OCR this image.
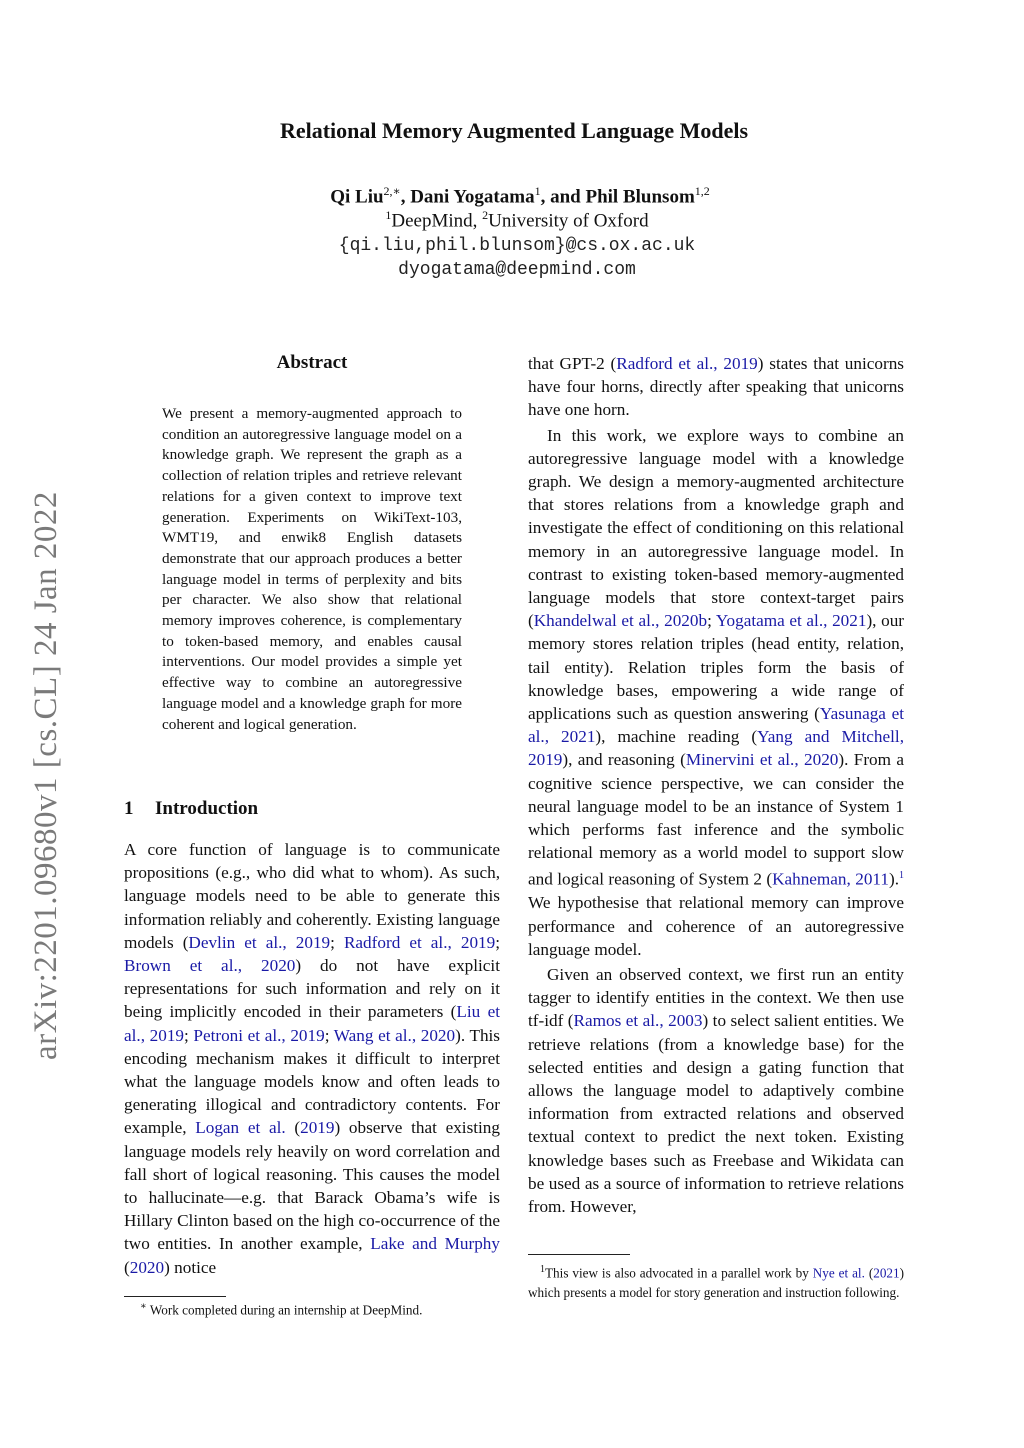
arXiv:2201.09680v1 [cs.CL] 24 Jan 2022
Relational Memory Augmented Language Models
Qi Liu$^{2,∗}$, Dani Yogatama$^1$, and Phil Blunsom$^{1,2}$
$^1$DeepMind, $^2$University of Oxford
{qi.liu,phil.blunsom}@cs.ox.ac.uk
dyogatama@deepmind.com
Abstract
We present a memory-augmented approach to condition an autoregressive language model on a knowledge graph. We represent the graph as a collection of relation triples and retrieve relevant relations for a given context to improve text generation. Experiments on WikiText-103, WMT19, and enwik8 English datasets demonstrate that our approach produces a better language model in terms of perplexity and bits per character. We also show that relational memory improves coherence, is complementary to token-based memory, and enables causal interventions. Our model provides a simple yet effective way to combine an autoregressive language model and a knowledge graph for more coherent and logical generation.
1 Introduction
A core function of language is to communicate propositions (e.g., who did what to whom). As such, language models need to be able to generate this information reliably and coherently. Existing language models (Devlin et al., 2019; Radford et al., 2019; Brown et al., 2020) do not have explicit representations for such information and rely on it being implicitly encoded in their parameters (Liu et al., 2019; Petroni et al., 2019; Wang et al., 2020). This encoding mechanism makes it difficult to interpret what the language models know and often leads to generating illogical and contradictory contents. For example, Logan et al. (2019) observe that existing language models rely heavily on word correlation and fall short of logical reasoning. This causes the model to hallucinate—e.g. that Barack Obama’s wife is Hillary Clinton based on the high co-occurrence of the two entities. In another example, Lake and Murphy (2020) notice

that GPT-2 (Radford et al., 2019) states that unicorns have four horns, directly after speaking that unicorns have one horn.

In this work, we explore ways to combine an autoregressive language model with a knowledge graph. We design a memory-augmented architecture that stores relations from a knowledge graph and investigate the effect of conditioning on this relational memory in an autoregressive language model. In contrast to existing token-based memory-augmented language models that store context-target pairs (Khandelwal et al., 2020b; Yogatama et al., 2021), our memory stores relation triples (head entity, relation, tail entity). Relation triples form the basis of knowledge bases, empowering a wide range of applications such as question answering (Yasunaga et al., 2021), machine reading (Yang and Mitchell, 2019), and reasoning (Minervini et al., 2020). From a cognitive science perspective, we can consider the neural language model to be an instance of System 1 which performs fast inference and the symbolic relational memory as a world model to support slow and logical reasoning of System 2 (Kahneman, 2011).$^1$ We hypothesise that relational memory can improve performance and coherence of an autoregressive language model.

Given an observed context, we first run an entity tagger to identify entities in the context. We then use tf-idf (Ramos et al., 2003) to select salient entities. We retrieve relations (from a knowledge base) for the selected entities and design a gating function that allows the language model to adaptively combine information from extracted relations and observed textual context to predict the next token. Existing knowledge bases such as Freebase and Wikidata can be used as a source of information to retrieve relations from. However,

∗ Work completed during an internship at DeepMind.
$^1$This view is also advocated in a parallel work by Nye et al. (2021) which presents a model for story generation and instruction following.
